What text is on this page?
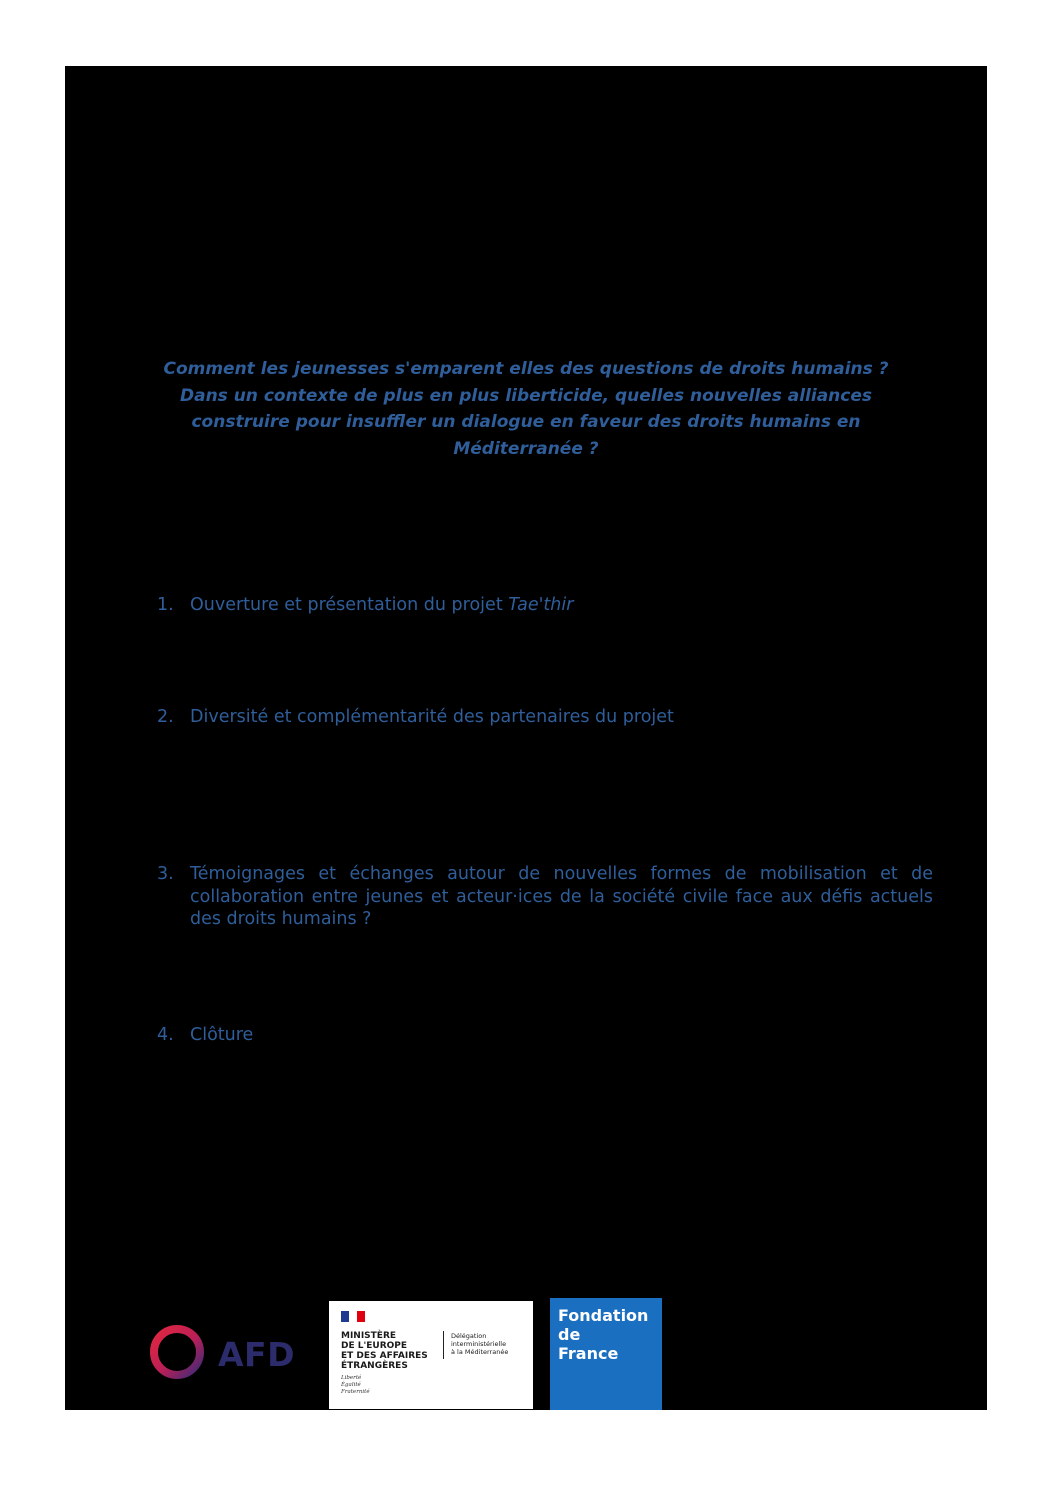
Comment les jeunesses s'emparent elles des questions de droits humains ?
Dans un contexte de plus en plus liberticide, quelles nouvelles alliances
construire pour insuffler un dialogue en faveur des droits humains en
Méditerranée ?
1. Ouverture et présentation du projet Tae'thir
2. Diversité et complémentarité des partenaires du projet
3. Témoignages et échanges autour de nouvelles formes de mobilisation et de collaboration entre jeunes et acteur·ices de la société civile face aux défis actuels des droits humains ?
4. Clôture
AFD	MINISTÈRE
DE L'EUROPE
ET DES AFFAIRES
ÉTRANGÈRES
Liberté
Égalité
Fraternité
Délégation
interministérielle
à la Méditerranée
Fondation
de
France
